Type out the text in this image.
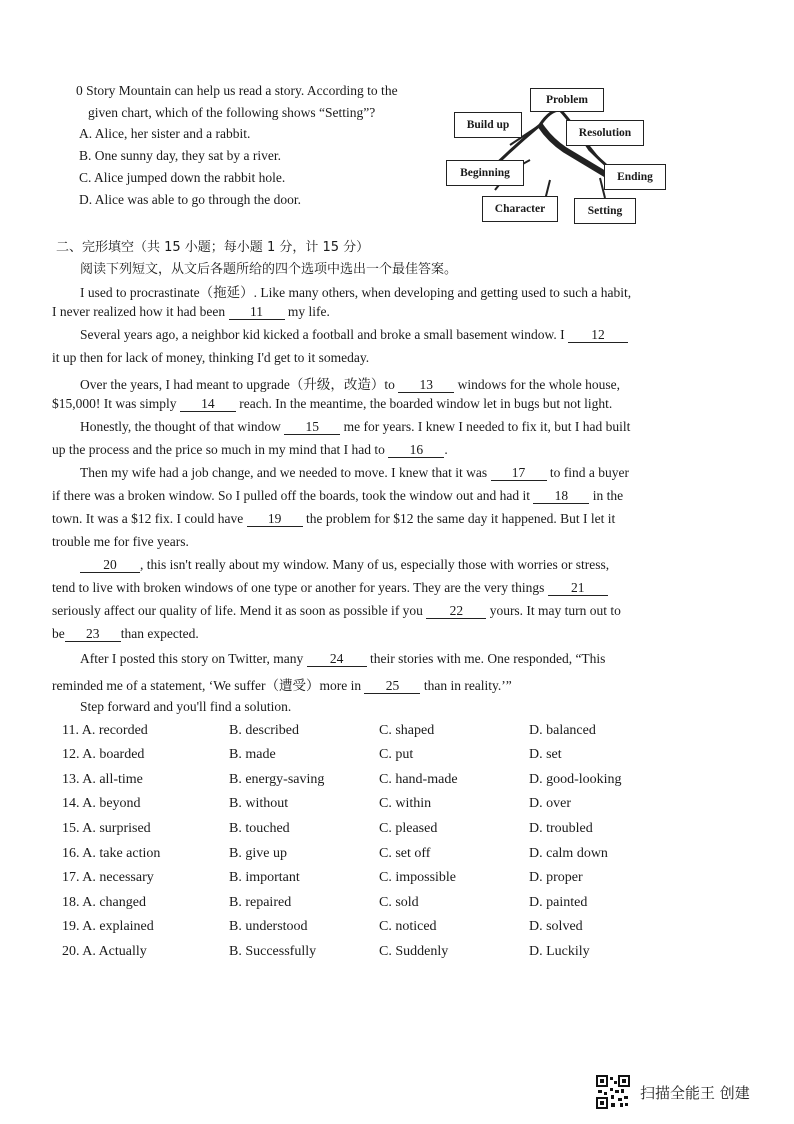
0 Story Mountain can help us read a story. According to the
given chart, which of the following shows “Setting”?
A. Alice, her sister and a rabbit.
B. One sunny day, they sat by a river.
C. Alice jumped down the rabbit hole.
D. Alice was able to go through the door.
Problem
Build up
Resolution
Beginning	Ending
Character	Setting
二、完形填空（共 15 小题；每小题 1 分，计 15 分）
阅读下列短文，从文后各题所给的四个选项中选出一个最佳答案。
I used to procrastinate（拖延）. Like many others, when developing and getting used to such a habit,
I never realized how it had been 11 my life.
Several years ago, a neighbor kid kicked a football and broke a small basement window. I 12
it up then for lack of money, thinking I'd get to it someday.
Over the years, I had meant to upgrade（升级，改造）to 13 windows for the whole house,
$15,000! It was simply 14 reach. In the meantime, the boarded window let in bugs but not light.
Honestly, the thought of that window 15 me for years. I knew I needed to fix it, but I had built
up the process and the price so much in my mind that I had to 16 .
Then my wife had a job change, and we needed to move. I knew that it was 17 to find a buyer
if there was a broken window. So I pulled off the boards, took the window out and had it 18 in the
town. It was a $12 fix. I could have 19 the problem for $12 the same day it happened. But I let it
trouble me for five years.
20 , this isn't really about my window. Many of us, especially those with worries or stress,
tend to live with broken windows of one type or another for years. They are the very things 21
seriously affect our quality of life. Mend it as soon as possible if you 22 yours. It may turn out to
be 23 than expected.
After I posted this story on Twitter, many 24 their stories with me. One responded, “This
reminded me of a statement, ‘We suffer（遭受）more in 25 than in reality.’”
Step forward and you'll find a solution.
11. A. recorded	B. described	C. shaped	D. balanced
12. A. boarded	B. made	C. put	D. set
13. A. all-time	B. energy-saving	C. hand-made	D. good-looking
14. A. beyond	B. without	C. within	D. over
15. A. surprised	B. touched	C. pleased	D. troubled
16. A. take action	B. give up	C. set off	D. calm down
17. A. necessary	B. important	C. impossible	D. proper
18. A. changed	B. repaired	C. sold	D. painted
19. A. explained	B. understood	C. noticed	D. solved
20. A. Actually	B. Successfully	C. Suddenly	D. Luckily
扫描全能王 创建
